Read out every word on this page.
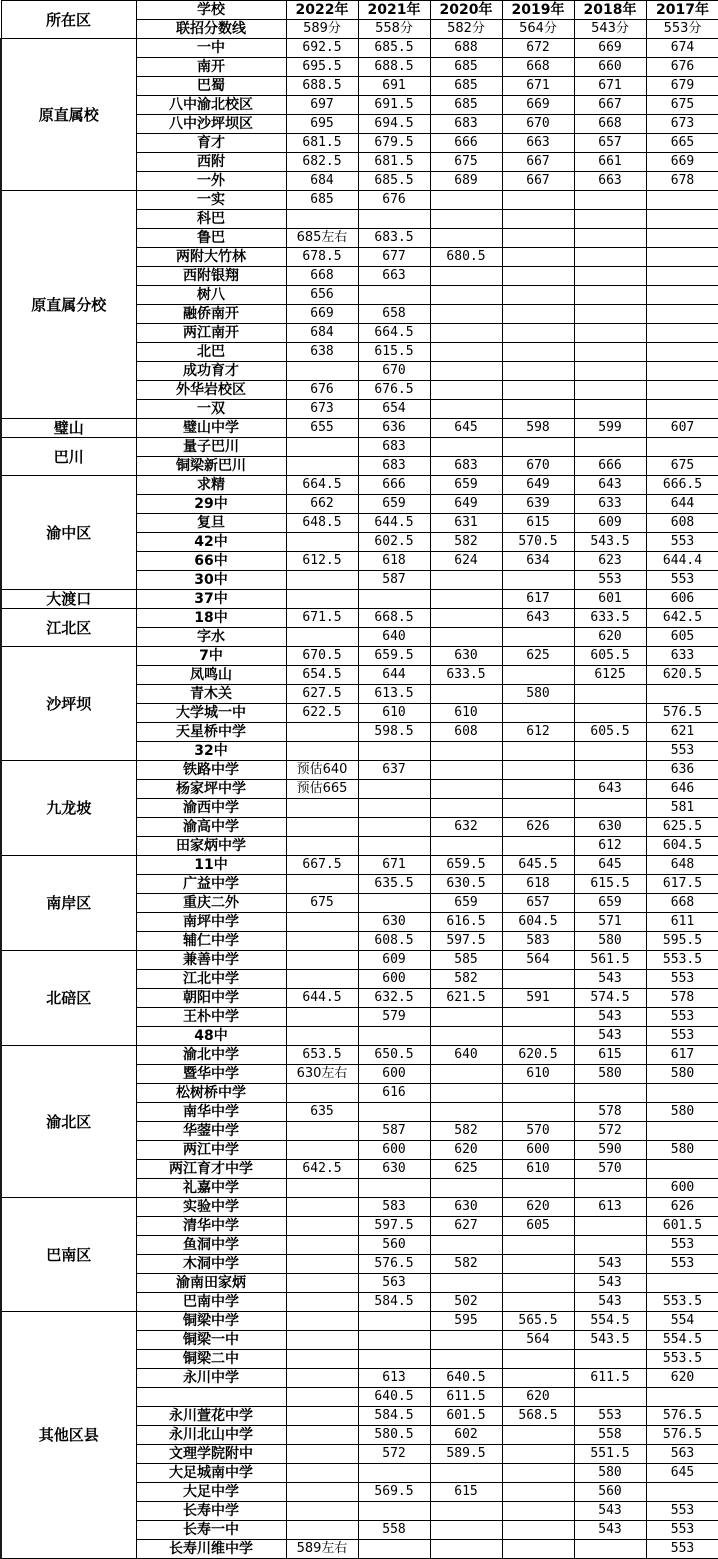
所在区	学校	2022年	2021年	2020年	2019年	2018年	2017年
	联招分数线	589分	558分	582分	564分	543分	553分
原直属校	一中	692.5	685.5	688	672	669	674
	南开	695.5	688.5	685	668	660	676
	巴蜀	688.5	691	685	671	671	679
	八中渝北校区	697	691.5	685	669	667	675
	八中沙坪坝区	695	694.5	683	670	668	673
	育才	681.5	679.5	666	663	657	665
	西附	682.5	681.5	675	667	661	669
	一外	684	685.5	689	667	663	678
原直属分校	一实	685	676				
	科巴						
	鲁巴	685左右	683.5				
	两附大竹林	678.5	677	680.5			
	西附银翔	668	663				
	树八	656					
	融侨南开	669	658				
	两江南开	684	664.5				
	北巴	638	615.5				
	成功育才		670				
	外华岩校区	676	676.5				
	一双	673	654				
璧山	璧山中学	655	636	645	598	599	607
巴川	量子巴川		683				
	铜梁新巴川		683	683	670	666	675
渝中区	求精	664.5	666	659	649	643	666.5
	29中	662	659	649	639	633	644
	复旦	648.5	644.5	631	615	609	608
	42中		602.5	582	570.5	543.5	553
	66中	612.5	618	624	634	623	644.4
	30中		587			553	553
大渡口	37中				617	601	606
江北区	18中	671.5	668.5		643	633.5	642.5
	字水		640			620	605
沙坪坝	7中	670.5	659.5	630	625	605.5	633
	凤鸣山	654.5	644	633.5		6125	620.5
	青木关	627.5	613.5		580		
	大学城一中	622.5	610	610			576.5
	天星桥中学		598.5	608	612	605.5	621
	32中						553
九龙坡	铁路中学	预估640	637				636
	杨家坪中学	预估665				643	646
	渝西中学						581
	渝高中学			632	626	630	625.5
	田家炳中学					612	604.5
南岸区	11中	667.5	671	659.5	645.5	645	648
	广益中学		635.5	630.5	618	615.5	617.5
	重庆二外	675		659	657	659	668
	南坪中学		630	616.5	604.5	571	611
	辅仁中学		608.5	597.5	583	580	595.5
北碚区	兼善中学		609	585	564	561.5	553.5
	江北中学		600	582		543	553
	朝阳中学	644.5	632.5	621.5	591	574.5	578
	王朴中学		579			543	553
	48中					543	553
渝北区	渝北中学	653.5	650.5	640	620.5	615	617
	暨华中学	630左右	600		610	580	580
	松树桥中学		616				
	南华中学	635				578	580
	华蓥中学		587	582	570	572	
	两江中学		600	620	600	590	580
	两江育才中学	642.5	630	625	610	570	
	礼嘉中学						600
巴南区	实验中学		583	630	620	613	626
	清华中学		597.5	627	605		601.5
	鱼洞中学		560				553
	木洞中学		576.5	582		543	553
	渝南田家炳		563			543	
	巴南中学		584.5	502		543	553.5
其他区县	铜梁中学			595	565.5	554.5	554
	铜梁一中				564	543.5	554.5
	铜梁二中						553.5
	永川中学		613	640.5		611.5	620
			640.5	611.5	620		
	永川萱花中学		584.5	601.5	568.5	553	576.5
	永川北山中学		580.5	602		558	576.5
	文理学院附中		572	589.5		551.5	563
	大足城南中学					580	645
	大足中学		569.5	615		560	
	长寿中学					543	553
	长寿一中		558			543	553
	长寿川维中学	589左右					553
